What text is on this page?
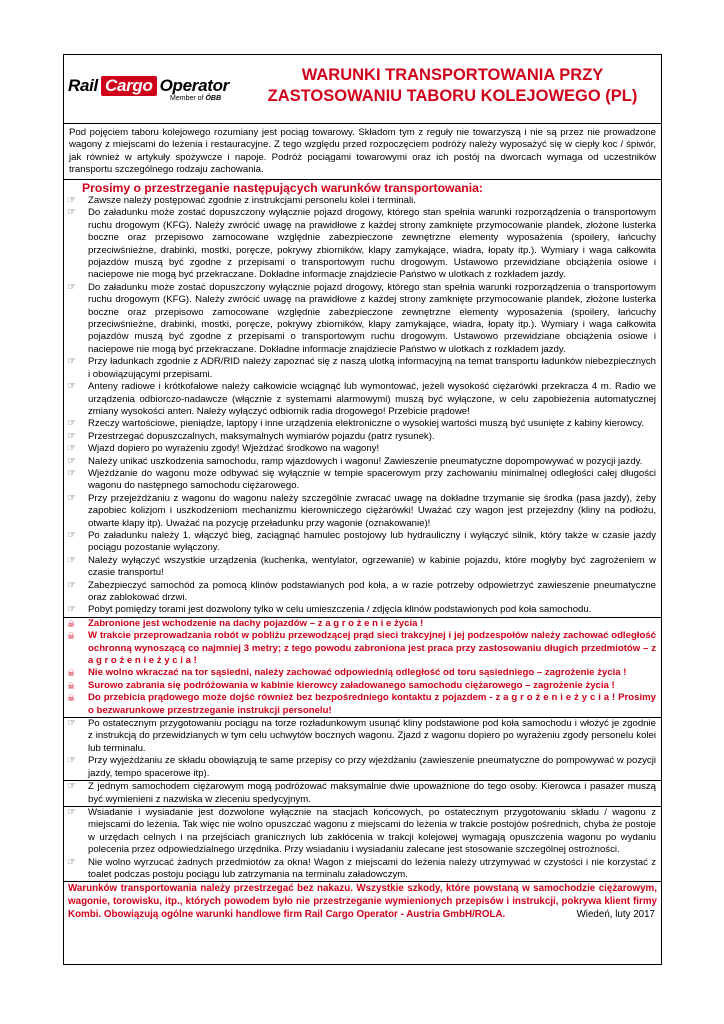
Rail Cargo Operator
Member of ÖBB
WARUNKI TRANSPORTOWANIA PRZY
ZASTOSOWANIU TABORU KOLEJOWEGO (PL)
Pod pojęciem taboru kolejowego rozumiany jest pociąg towarowy. Składom tym z reguły nie towarzyszą i nie są przez nie prowadzone wagony z miejscami do leżenia i restauracyjne. Z tego względu przed rozpoczęciem podróży należy wyposażyć się w ciepły koc / śpiwór, jak również w artykuły spożywcze i napoje. Podróż pociągami towarowymi oraz ich postój na dworcach wymaga od uczestników transportu szczególnego rodzaju zachowania.
Prosimy o przestrzeganie następujących warunków transportowania:
☞	Zawsze należy postępować zgodnie z instrukcjami personelu kolei i terminali.
☞	Do załadunku może zostać dopuszczony wyłącznie pojazd drogowy, którego stan spełnia warunki rozporządzenia o transportowym ruchu drogowym (KFG). Należy zwrócić uwagę na prawidłowe z każdej strony zamknięte przymocowanie plandek, złożone lusterka boczne oraz przepisowo zamocowane względnie zabezpieczone zewnętrzne elementy wyposażenia (spoilery, łańcuchy przeciwśnieżne, drabinki, mostki, poręcze, pokrywy zbiorników, klapy zamykające, wiadra, łopaty itp.). Wymiary i waga całkowita pojazdów muszą być zgodne z przepisami o transportowym ruchu drogowym. Ustawowo przewidziane obciążenia osiowe i naciepowe nie mogą być przekraczane. Dokładne informacje znajdziecie Państwo w ulotkach z rozkładem jazdy.
☞	Do załadunku może zostać dopuszczony wyłącznie pojazd drogowy, którego stan spełnia warunki rozporządzenia o transportowym ruchu drogowym (KFG). Należy zwrócić uwagę na prawidłowe z każdej strony zamknięte przymocowanie plandek, złożone lusterka boczne oraz przepisowo zamocowane względnie zabezpieczone zewnętrzne elementy wyposażenia (spoilery, łańcuchy przeciwśnieżne, drabinki, mostki, poręcze, pokrywy zbiorników, klapy zamykające, wiadra, łopaty itp.). Wymiary i waga całkowita pojazdów muszą być zgodne z przepisami o transportowym ruchu drogowym. Ustawowo przewidziane obciążenia osiowe i naciepowe nie mogą być przekraczane. Dokładne informacje znajdziecie Państwo w ulotkach z rozkładem jazdy.
☞	Przy ładunkach zgodnie z ADR/RID należy zapoznać się z naszą ulotką informacyjną na temat transportu ładunków niebezpiecznych i obowiązującymi przepisami.
☞	Anteny radiowe i krótkofalowe należy całkowicie wciągnąć lub wymontować, jeżeli wysokość ciężarówki przekracza 4 m. Radio we urządzenia odbiorczo-nadawcze (włącznie z systemami alarmowymi) muszą być wyłączone, w celu zapobieżenia automatycznej zmiany wysokości anten. Należy wyłączyć odbiornik radia drogowego! Przebicie prądowe!
☞	Rzeczy wartościowe, pieniądze, laptopy i inne urządzenia elektroniczne o wysokiej wartości muszą być usunięte z kabiny kierowcy.
☞	Przestrzegać dopuszczalnych, maksymalnych wymiarów pojazdu (patrz rysunek).
☞	Wjazd dopiero po wyrażeniu zgody! Wjeżdżać środkowo na wagony!
☞	Należy unikać uszkodzenia samochodu, ramp wjazdowych i wagonu! Zawieszenie pneumatyczne dopompowywać w pozycji jazdy.
☞	Wjeżdżanie do wagonu może odbywać się wyłącznie w tempie spacerowym przy zachowaniu minimalnej odległości całej długości wagonu do następnego samochodu ciężarowego.
☞	Przy przejeżdżaniu z wagonu do wagonu należy szczególnie zwracać uwagę na dokładne trzymanie się środka (pasa jazdy), żeby zapobiec kolizjom i uszkodzeniom mechanizmu kierowniczego ciężarówki! Uważać czy wagon jest przejezdny (kliny na podłożu, otwarte klapy itp). Uważać na pozycję przeładunku przy wagonie (oznakowanie)!
☞	Po załadunku należy 1. włączyć bieg, zaciągnąć hamulec postojowy lub hydrauliczny i wyłączyć silnik, który także w czasie jazdy pociągu pozostanie wyłączony.
☞	Należy wyłączyć wszystkie urządzenia (kuchenka, wentylator, ogrzewanie) w kabinie pojazdu, które mogłyby być zagrożeniem w czasie transportu!
☞	Zabezpieczyć samochód za pomocą klinów podstawianych pod koła, a w razie potrzeby odpowietrzyć zawieszenie pneumatyczne oraz zablokować drzwi.
☞	Pobyt pomiędzy torami jest dozwolony tylko w celu umieszczenia / zdjęcia klinów podstawionych pod koła samochodu.
☠	Zabronione jest wchodzenie na dachy pojazdów – z a g r o ż e n i e życia !
☠	W trakcie przeprowadzania robót w pobliżu przewodzącej prąd sieci trakcyjnej i jej podzespołów należy zachować odległość ochronną wynoszącą co najmniej 3 metry; z tego powodu zabroniona jest praca przy zastosowaniu długich przedmiotów – z a g r o ż e n i e ż y c i a !
☠	Nie wolno wkraczać na tor sąsiedni, należy zachować odpowiednią odległość od toru sąsiedniego – zagrożenie życia !
☠	Surowo zabrania się podróżowania w kabinie kierowcy załadowanego samochodu ciężarowego – zagrożenie życia !
☠	Do przebicia prądowego może dojść również bez bezpośredniego kontaktu z pojazdem - z a g r o ż e n i e ż y c i a ! Prosimy o bezwarunkowe przestrzeganie instrukcji personelu!
☞	Po ostatecznym przygotowaniu pociągu na torze rozładunkowym usunąć kliny podstawione pod koła samochodu i włożyć je zgodnie z instrukcją do przewidzianych w tym celu uchwytów bocznych wagonu. Zjazd z wagonu dopiero po wyrażeniu zgody personelu kolei lub terminalu.
☞	Przy wyjeżdżaniu ze składu obowiązują te same przepisy co przy wjeżdżaniu (zawieszenie pneumatyczne do pompowywać w pozycji jazdy, tempo spacerowe itp).
☞	Z jednym samochodem ciężarowym mogą podróżować maksymalnie dwie upoważnione do tego osoby. Kierowca i pasażer muszą być wymienieni z nazwiska w zleceniu spedycyjnym.
☞	Wsiadanie i wysiadanie jest dozwolone wyłącznie na stacjach końcowych, po ostatecznym przygotowaniu składu / wagonu z miejscami do leżenia. Tak więc nie wolno opuszczać wagonu z miejscami do leżenia w trakcie postojów pośrednich, chyba że postoje w urzędach celnych i na przejściach granicznych lub zakłócenia w trakcji kolejowej wymagają opuszczenia wagonu po wydaniu polecenia przez odpowiedzialnego urzędnika. Przy wsiadaniu i wysiadaniu zalecane jest stosowanie szczególnej ostrożności.
☞	Nie wolno wyrzucać żadnych przedmiotów za okna! Wagon z miejscami do leżenia należy utrzymywać w czystości i nie korzystać z toalet podczas postoju pociągu lub zatrzymania na terminalu załadowczym.
Warunków transportowania należy przestrzegać bez nakazu. Wszystkie szkody, które powstaną w samochodzie ciężarowym, wagonie, torowisku, itp., których powodem było nie przestrzeganie wymienionych przepisów i instrukcji, pokrywa klient firmy Kombi. Obowiązują ogólne warunki handlowe firm Rail Cargo Operator - Austria GmbH/ROLA.	Wiedeń, luty 2017
